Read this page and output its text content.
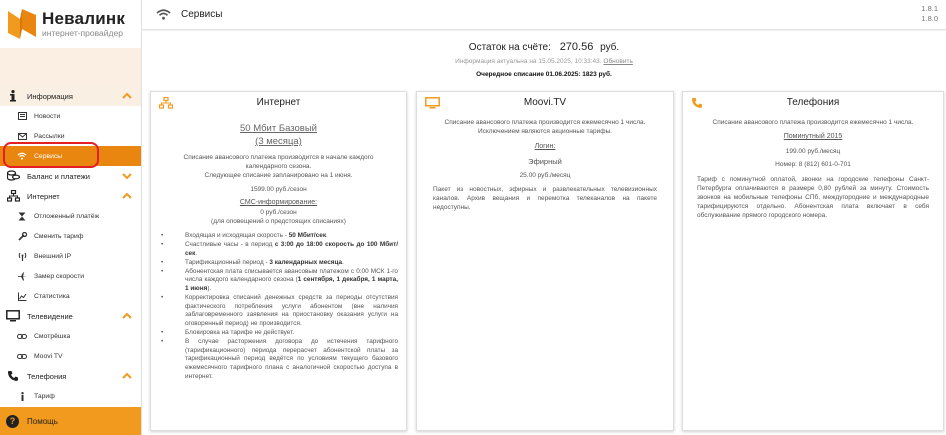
Невалинк
интернет-провайдер
Информация
Новости
Рассылки
Сервисы
Баланс и платежи
Интернет
Отложенный платёж
Сменить тариф
Внешний IP
Замер скорости
Статистика
Телевидение
Смотрёшка
Moovi TV
Телефония
Тариф
?	Помощь
Сервисы
1.8.1
1.8.0
Остаток на счёте: 270.56 руб.
Информация актуальна на 15.05.2025, 10:33:43. Обновить
Очередное списание 01.06.2025: 1823 руб.
Интернет
50 Мбит Базовый
(3 месяца)
Списание авансового платежа производится в начале каждого календарного сезона.
Следующее списание запланировано на 1 июня.
1599.00 руб./сезон
СМС-информирование:
0 руб./сезон
(для оповещений о предстоящих списаниях)
• Входящая и исходящая скорость - 50 Мбит/сек.
• Счастливые часы - в период с 3:00 до 18:00 скорость до 100 Мбит/сек.
• Тарификационный период - 3 календарных месяца.
• Абонентская плата списывается авансовым платежом с 0:00 МСК 1-го числа каждого календарного сезона (1 сентября, 1 декабря, 1 марта, 1 июня).
• Корректировка списаний денежных средств за периоды отсутствия фактического потребления услуги абонентом (вне наличия заблаговременного заявления на приостановку оказания услуги на оговоренный период) не производится.
• Блокировка на тарифе не действует.
• В случае расторжения договора до истечения тарифного (тарификационного) периода перерасчет абонентской платы за тарификационный период ведётся по условиям текущего базового ежемесячного тарифного плана с аналогичной скоростью доступа в интернет.
Moovi.TV
Списание авансового платежа производится ежемесячно 1 числа. Исключением являются акционные тарифы.
Логин:
Эфирный
25.00 руб./месяц
Пакет из новостных, эфирных и развлекательных телевизионных каналов. Архив вещания и перемотка телеканалов на пакете недоступны.
Телефония
Списание авансового платежа производится ежемесячно 1 числа.
Поминутный 2015
199.00 руб./месяц
Номер: 8 (812) 601-0-701
Тариф с поминутной оплатой, звонки на городские телефоны Санкт-Петербурга оплачиваются в размере 0,80 рублей за минуту. Стоимость звонков на мобильные телефоны СПб, междугородние и международные тарифицируются отдельно. Абонентская плата включает в себя обслуживание прямого городского номера.
